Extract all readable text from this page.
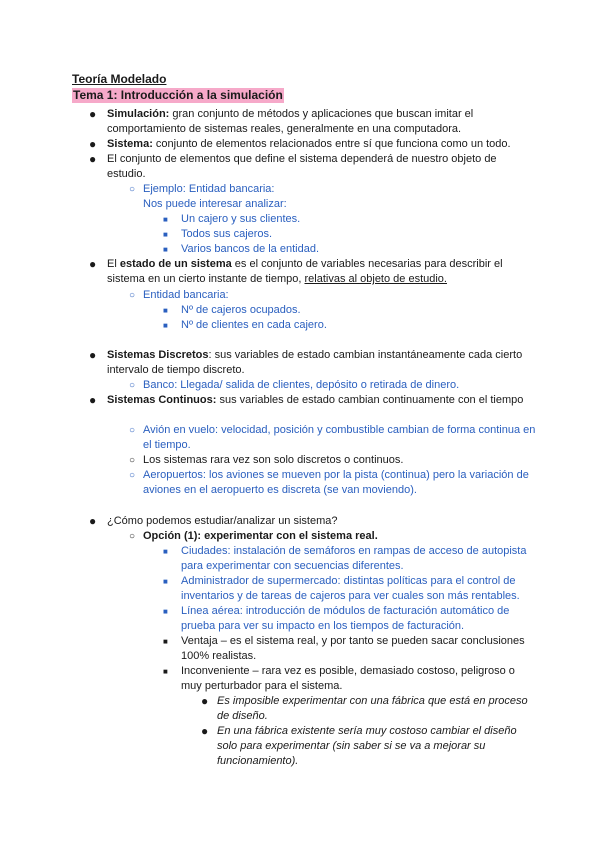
Teoría Modelado
Tema 1: Introducción a la simulación
● Simulación: gran conjunto de métodos y aplicaciones que buscan imitar el comportamiento de sistemas reales, generalmente en una computadora.
● Sistema: conjunto de elementos relacionados entre sí que funciona como un todo.
● El conjunto de elementos que define el sistema dependerá de nuestro objeto de estudio.
○ Ejemplo: Entidad bancaria:
Nos puede interesar analizar:
■ Un cajero y sus clientes.
■ Todos sus cajeros.
■ Varios bancos de la entidad.
● El estado de un sistema es el conjunto de variables necesarias para describir el sistema en un cierto instante de tiempo, relativas al objeto de estudio.
○ Entidad bancaria:
■ Nº de cajeros ocupados.
■ Nº de clientes en cada cajero.
● Sistemas Discretos: sus variables de estado cambian instantáneamente cada cierto intervalo de tiempo discreto.
○ Banco: Llegada/ salida de clientes, depósito o retirada de dinero.
● Sistemas Continuos: sus variables de estado cambian continuamente con el tiempo
○ Avión en vuelo: velocidad, posición y combustible cambian de forma continua en el tiempo.
○ Los sistemas rara vez son solo discretos o continuos.
○ Aeropuertos: los aviones se mueven por la pista (continua) pero la variación de aviones en el aeropuerto es discreta (se van moviendo).
● ¿Cómo podemos estudiar/analizar un sistema?
○ Opción (1): experimentar con el sistema real.
■ Ciudades: instalación de semáforos en rampas de acceso de autopista para experimentar con secuencias diferentes.
■ Administrador de supermercado: distintas políticas para el control de inventarios y de tareas de cajeros para ver cuales son más rentables.
■ Línea aérea: introducción de módulos de facturación automático de prueba para ver su impacto en los tiempos de facturación.
■ Ventaja – es el sistema real, y por tanto se pueden sacar conclusiones 100% realistas.
■ Inconveniente – rara vez es posible, demasiado costoso, peligroso o muy perturbador para el sistema.
● Es imposible experimentar con una fábrica que está en proceso de diseño.
● En una fábrica existente sería muy costoso cambiar el diseño solo para experimentar (sin saber si se va a mejorar su funcionamiento).
